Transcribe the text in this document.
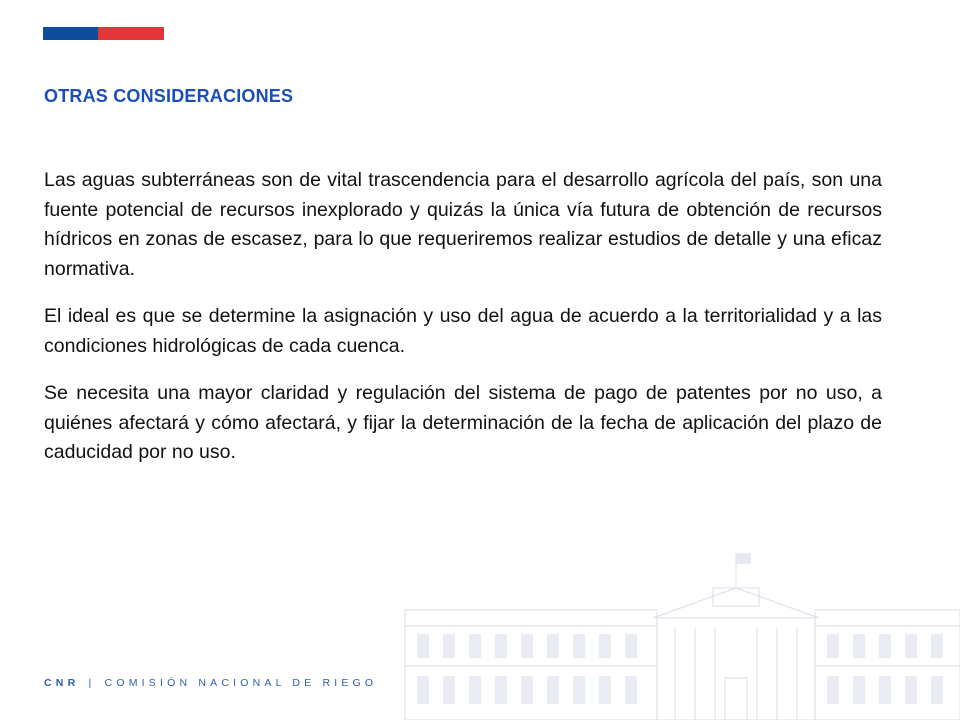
OTRAS CONSIDERACIONES

Las aguas subterráneas son de vital trascendencia para el desarrollo agrícola del país, son una fuente potencial de recursos inexplorado y quizás la única vía futura de obtención de recursos hídricos en zonas de escasez, para lo que requeriremos realizar estudios de detalle y una eficaz normativa.

El ideal es que se determine la asignación y uso del agua de acuerdo a la territorialidad y a las condiciones hidrológicas de cada cuenca.

Se necesita una mayor claridad y regulación del sistema de pago de patentes por no uso, a quiénes afectará y cómo afectará, y fijar la determinación de la fecha de aplicación del plazo de caducidad por no uso.

CNR | COMISIÓN NACIONAL DE RIEGO
